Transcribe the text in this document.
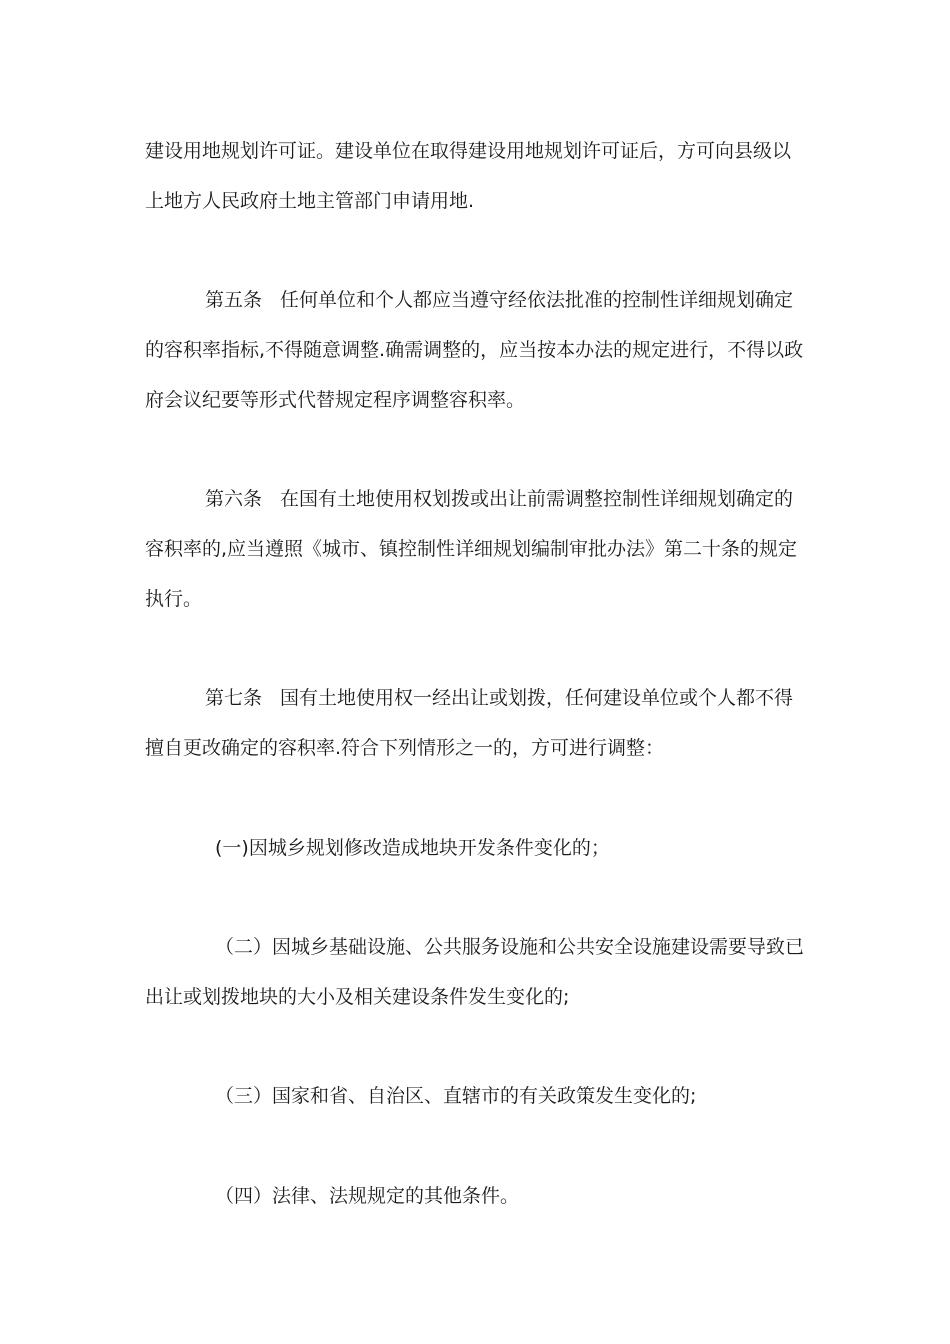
建设用地规划许可证。建设单位在取得建设用地规划许可证后，方可向县级以
上地方人民政府土地主管部门申请用地.
第五条 任何单位和个人都应当遵守经依法批准的控制性详细规划确定
的容积率指标,不得随意调整.确需调整的，应当按本办法的规定进行，不得以政
府会议纪要等形式代替规定程序调整容积率。
第六条 在国有土地使用权划拨或出让前需调整控制性详细规划确定的
容积率的,应当遵照《城市、镇控制性详细规划编制审批办法》第二十条的规定
执行。
第七条 国有土地使用权一经出让或划拨，任何建设单位或个人都不得
擅自更改确定的容积率.符合下列情形之一的，方可进行调整：
(一)因城乡规划修改造成地块开发条件变化的；
（二）因城乡基础设施、公共服务设施和公共安全设施建设需要导致已
出让或划拨地块的大小及相关建设条件发生变化的;
（三）国家和省、自治区、直辖市的有关政策发生变化的;
（四）法律、法规规定的其他条件。
